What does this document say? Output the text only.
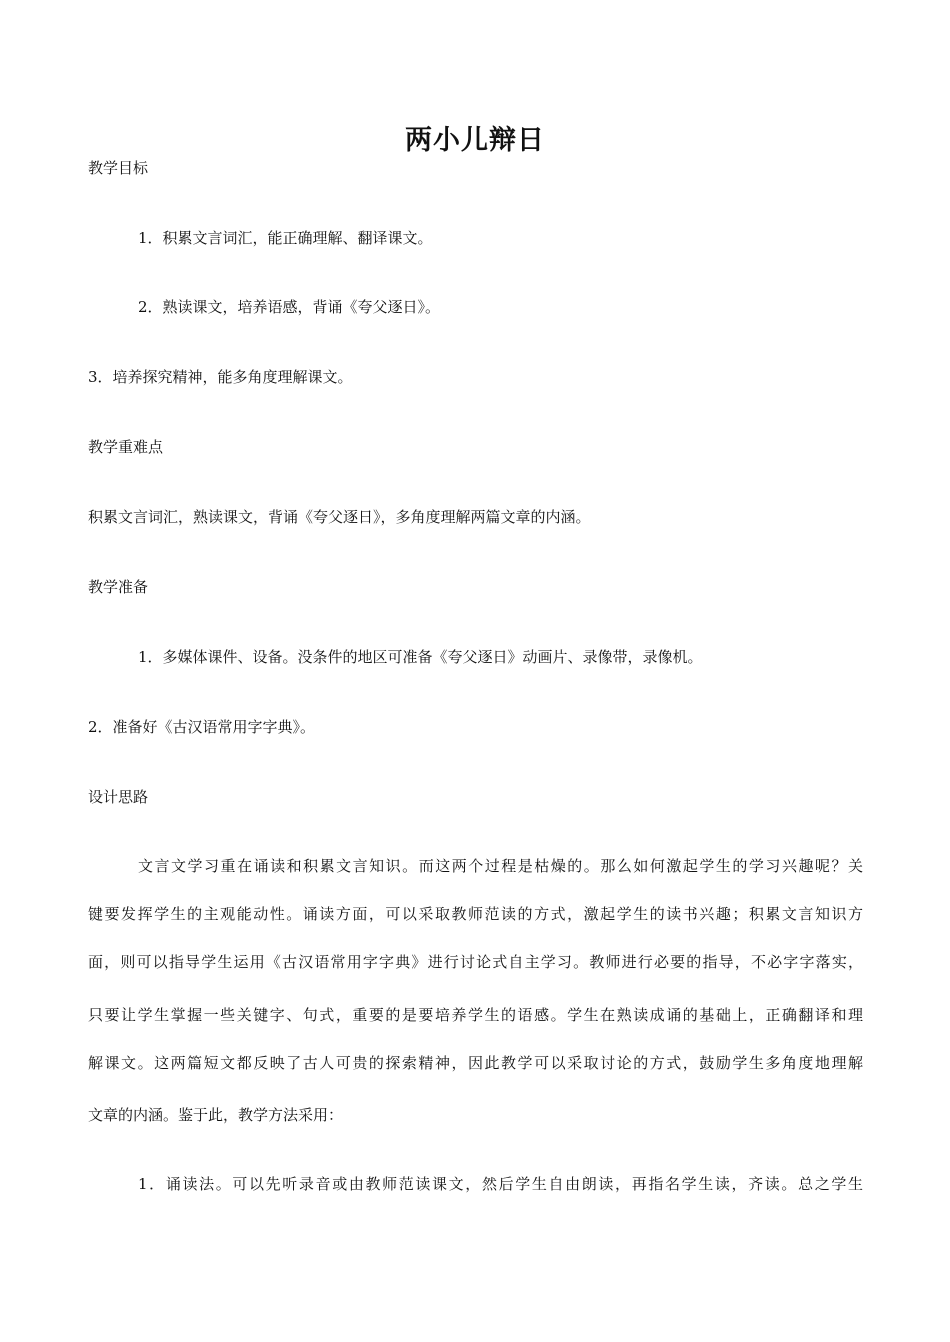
两小儿辩日
教学目标
1．积累文言词汇，能正确理解、翻译课文。
2．熟读课文，培养语感，背诵《夸父逐日》。
3．培养探究精神，能多角度理解课文。
教学重难点
积累文言词汇，熟读课文，背诵《夸父逐日》，多角度理解两篇文章的内涵。
教学准备
1．多媒体课件、设备。没条件的地区可准备《夸父逐日》动画片、录像带，录像机。
2．准备好《古汉语常用字字典》。
设计思路
文言文学习重在诵读和积累文言知识。而这两个过程是枯燥的。那么如何激起学生的学习兴趣呢？关
键要发挥学生的主观能动性。诵读方面，可以采取教师范读的方式，激起学生的读书兴趣；积累文言知识方
面，则可以指导学生运用《古汉语常用字字典》进行讨论式自主学习。教师进行必要的指导，不必字字落实，
只要让学生掌握一些关键字、句式，重要的是要培养学生的语感。学生在熟读成诵的基础上，正确翻译和理
解课文。这两篇短文都反映了古人可贵的探索精神，因此教学可以采取讨论的方式，鼓励学生多角度地理解
文章的内涵。鉴于此，教学方法采用：
1．诵读法。可以先听录音或由教师范读课文，然后学生自由朗读，再指名学生读，齐读。总之学生
